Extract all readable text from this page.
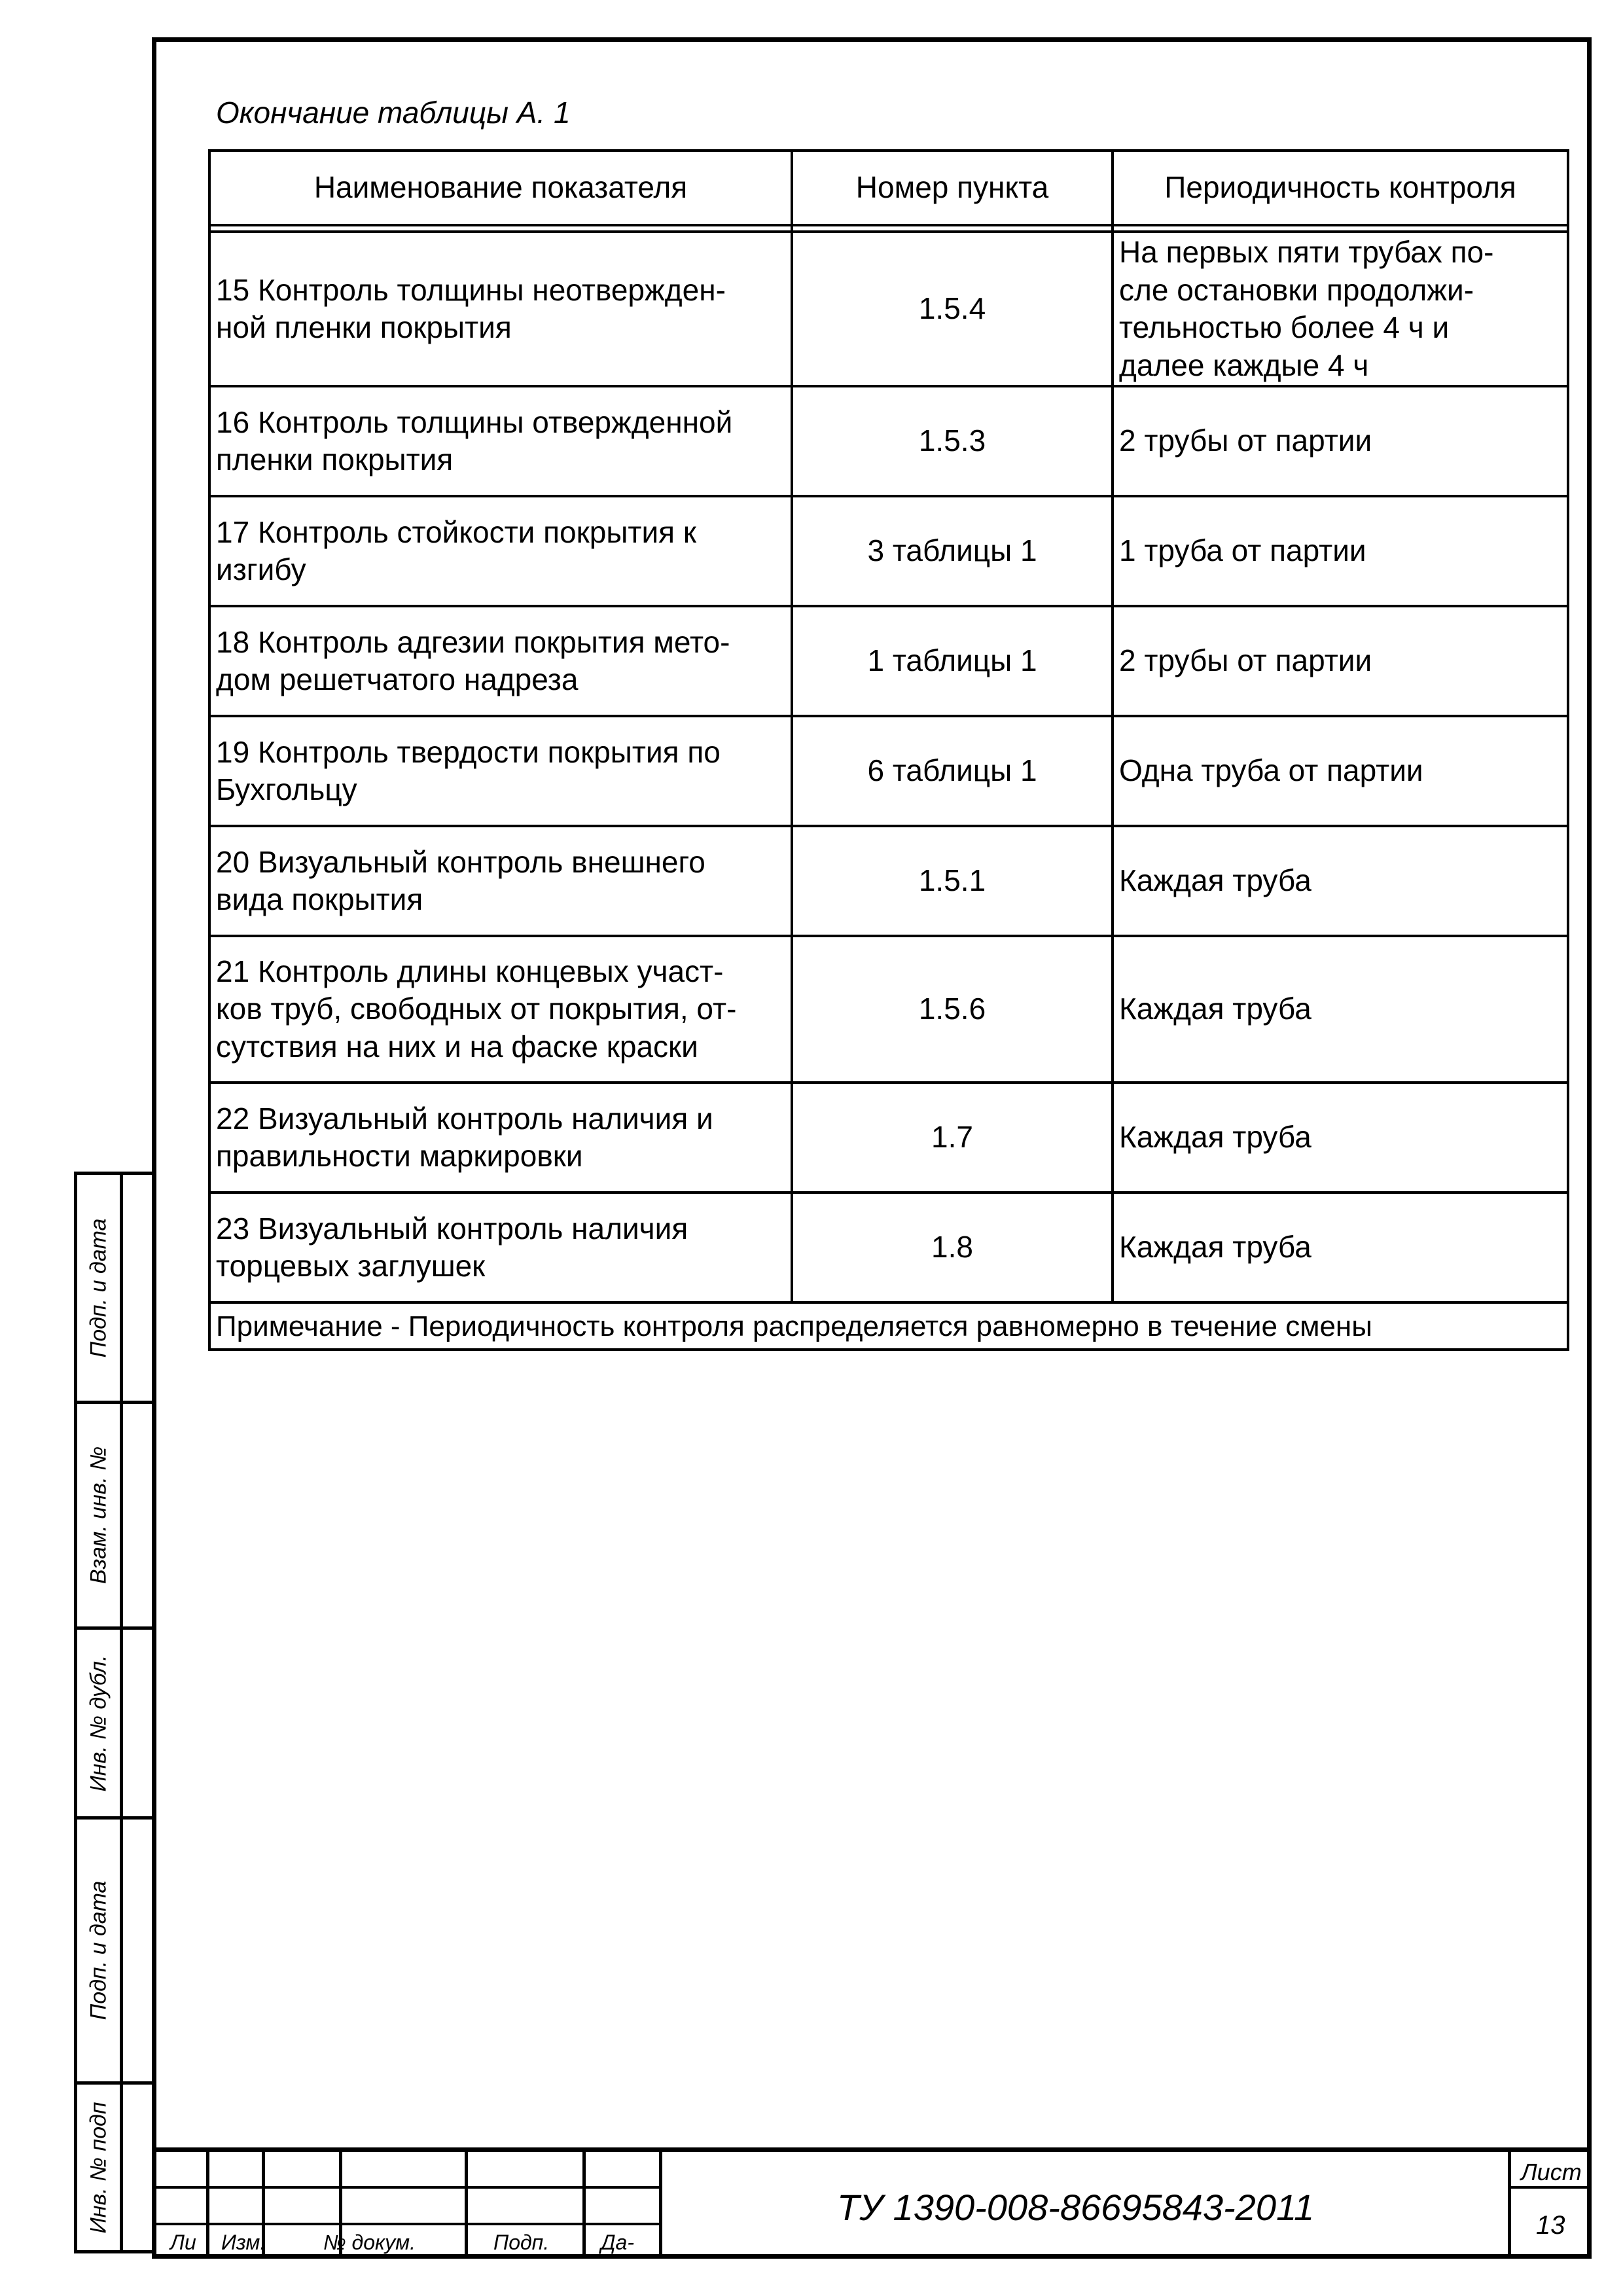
Окончание таблицы А. 1
Наименование показателя	Номер пункта	Периодичность контроля

15 Контроль толщины неотвержден-
ной пленки покрытия	1.5.4	На первых пяти трубах по-
сле остановки продолжи-
тельностью более 4 ч и
далее каждые 4 ч
16 Контроль толщины отвержденной
пленки покрытия	1.5.3	2 трубы от партии
17 Контроль стойкости покрытия к
изгибу	3 таблицы 1	1 труба от партии
18 Контроль адгезии покрытия мето-
дом решетчатого надреза	1 таблицы 1	2 трубы от партии
19 Контроль твердости покрытия по
Бухгольцу	6 таблицы 1	Одна труба от партии
20 Визуальный контроль внешнего
вида покрытия	1.5.1	Каждая труба
21 Контроль длины концевых участ-
ков труб, свободных от покрытия, от-
сутствия на них и на фаске краски	1.5.6	Каждая труба
22 Визуальный контроль наличия и
правильности маркировки	1.7	Каждая труба
23 Визуальный контроль наличия
торцевых заглушек	1.8	Каждая труба
Примечание - Периодичность контроля распределяется равномерно в течение смены		
Подп. и дата
Взам. инв. №
Инв. № дубл.
Подп. и дата
Инв. № подп
Ли Изм.	№ докум.	Подп. Да-
ТУ 1390-008-86695843-2011
Лист
13
